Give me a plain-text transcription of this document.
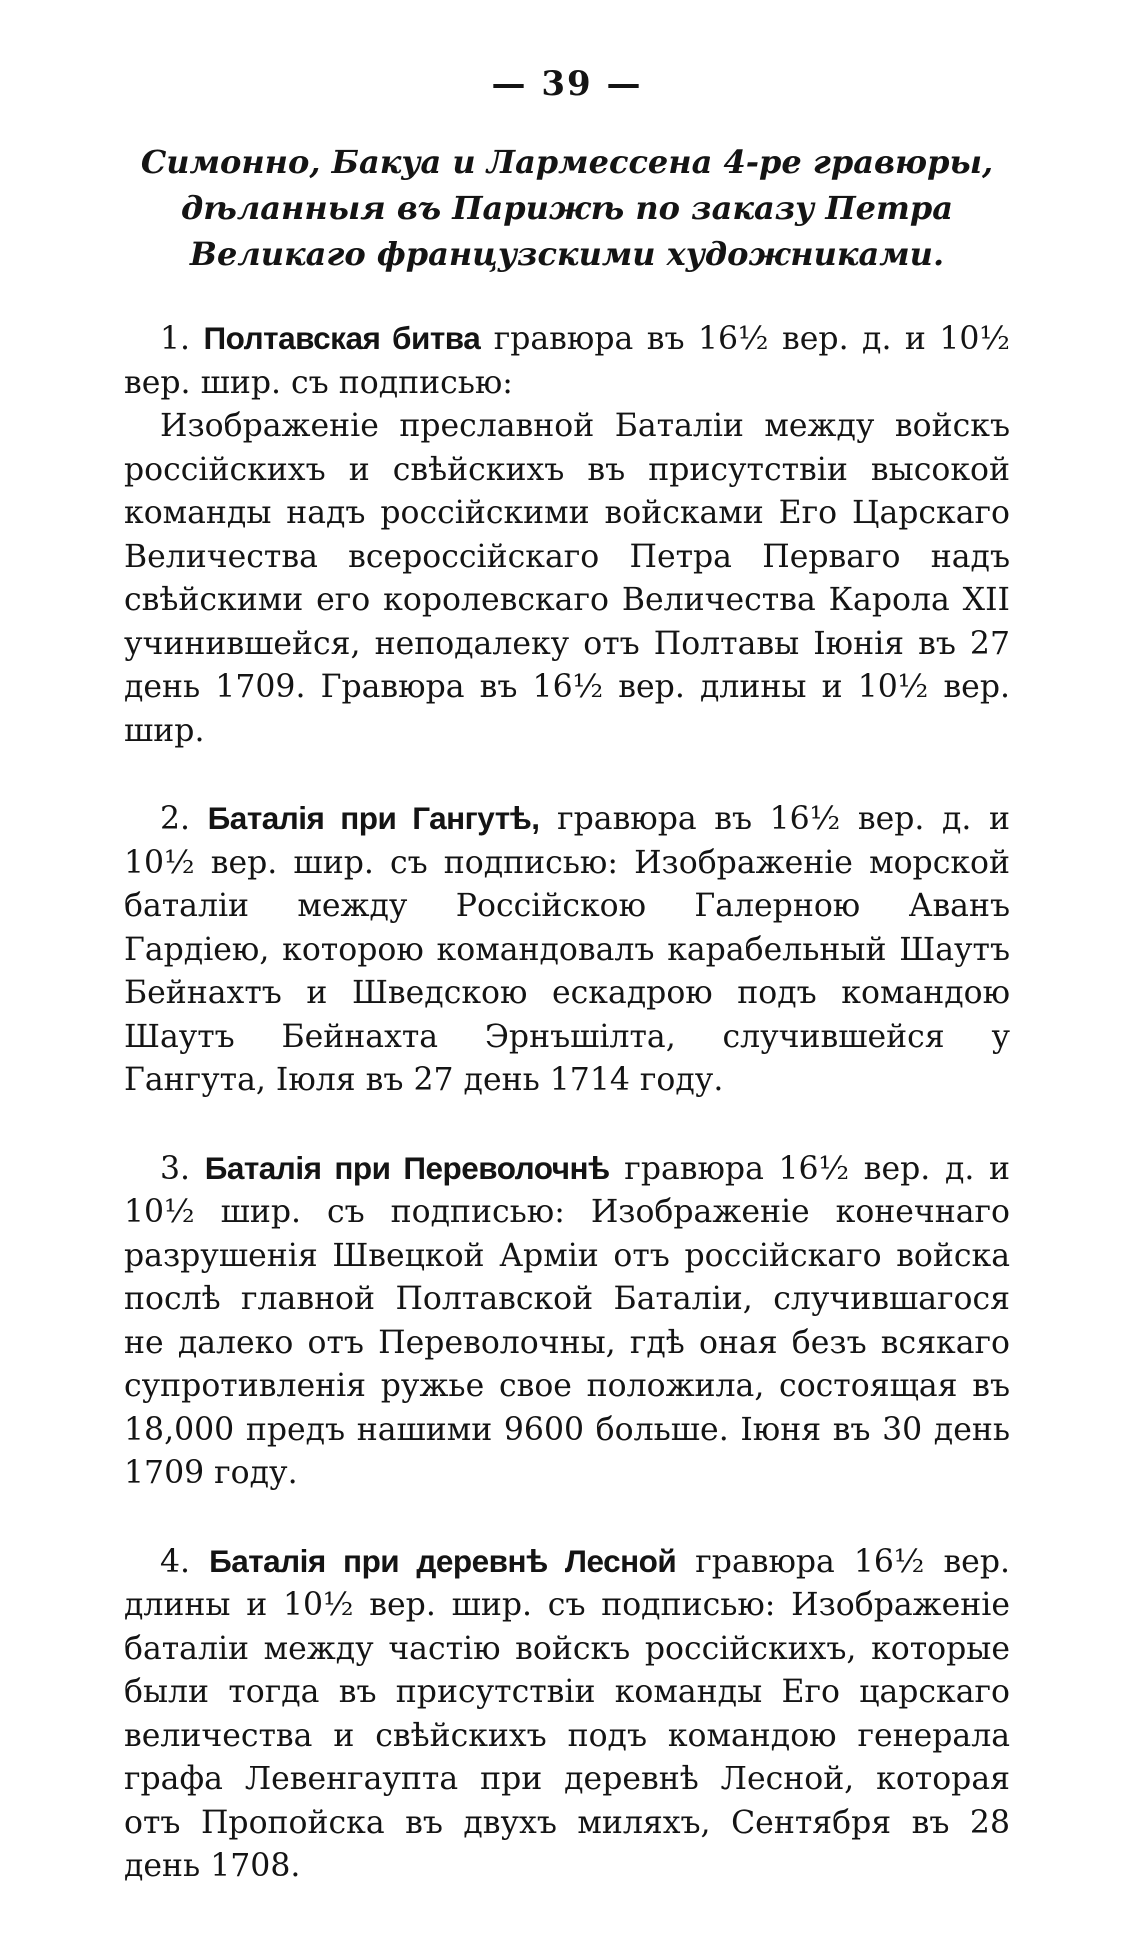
— 39 —
Симонно, Бакуа и Лармессена 4-ре гравюры, дѣланныя въ Парижѣ по заказу Петра Великаго французскими художниками.
1. Полтавская битва гравюра въ 16½ вер. д. и 10½ вер. шир. съ подписью:
Изображеніе преславной Баталіи между войскъ россійскихъ и свѣйскихъ въ присутствіи высокой команды надъ россійскими войсками Его Царскаго Величества всероссійскаго Петра Перваго надъ свѣйскими его королевскаго Величества Карола XII учинившейся, неподалеку отъ Полтавы Іюнія въ 27 день 1709. Гравюра въ 16½ вер. длины и 10½ вер. шир.
2. Баталія при Гангутѣ, гравюра въ 16½ вер. д. и 10½ вер. шир. съ подписью: Изображеніе морской баталіи между Россійскою Галерною Аванъ Гардіею, которою командовалъ карабельный Шаутъ Бейнахтъ и Шведскою ескадрою подъ командою Шаутъ Бейнахта Эрнъшілта, случившейся у Гангута, Іюля въ 27 день 1714 году.
3. Баталія при Переволочнѣ гравюра 16½ вер. д. и 10½ шир. съ подписью: Изображеніе конечнаго разрушенія Швецкой Арміи отъ россійскаго войска послѣ главной Полтавской Баталіи, случившагося не далеко отъ Переволочны, гдѣ оная безъ всякаго супротивленія ружье свое положила, состоящая въ 18,000 предъ нашими 9600 больше. Іюня въ 30 день 1709 году.
4. Баталія при деревнѣ Лесной гравюра 16½ вер. длины и 10½ вер. шир. съ подписью: Изображеніе баталіи между частію войскъ россійскихъ, которые были тогда въ присутствіи команды Его царскаго величества и свѣйскихъ подъ командою генерала графа Левенгаупта при деревнѣ Лесной, которая отъ Пропойска въ двухъ миляхъ, Сентября въ 28 день 1708.
